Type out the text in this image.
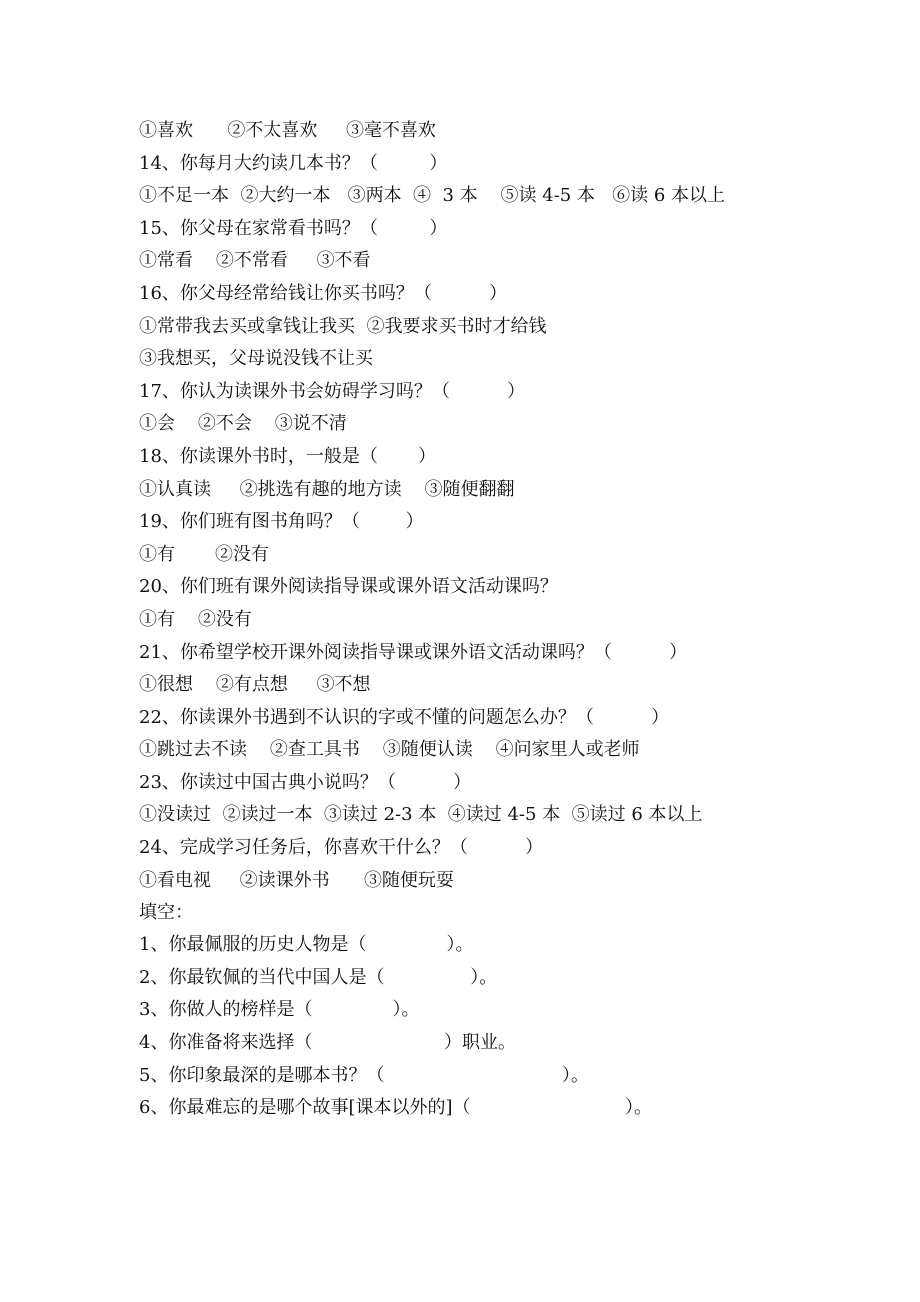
①喜欢      ②不太喜欢     ③毫不喜欢
14、你每月大约读几本书？（         ）
①不足一本  ②大约一本   ③两本  ④  3 本    ⑤读 4-5 本   ⑥读 6 本以上
15、你父母在家常看书吗？（         ）
①常看    ②不常看     ③不看
16、你父母经常给钱让你买书吗？（          ）
①常带我去买或拿钱让我买  ②我要求买书时才给钱
③我想买，父母说没钱不让买
17、你认为读课外书会妨碍学习吗？（          ）
①会    ②不会    ③说不清
18、你读课外书时，一般是（       ）
①认真读     ②挑选有趣的地方读    ③随便翻翻
19、你们班有图书角吗？（        ）
①有       ②没有
20、你们班有课外阅读指导课或课外语文活动课吗？
①有    ②没有
21、你希望学校开课外阅读指导课或课外语文活动课吗？（          ）
①很想    ②有点想     ③不想
22、你读课外书遇到不认识的字或不懂的问题怎么办？（          ）
①跳过去不读    ②查工具书    ③随便认读    ④问家里人或老师
23、你读过中国古典小说吗？（          ）
①没读过  ②读过一本  ③读过 2-3 本  ④读过 4-5 本  ⑤读过 6 本以上
24、完成学习任务后，你喜欢干什么？（          ）
①看电视     ②读课外书      ③随便玩耍
填空：
1、你最佩服的历史人物是（              ）。
2、你最钦佩的当代中国人是（               ）。
3、你做人的榜样是（              ）。
4、你准备将来选择（                       ）职业。
5、你印象最深的是哪本书？（                               ）。
6、你最难忘的是哪个故事[课本以外的]（                           ）。
